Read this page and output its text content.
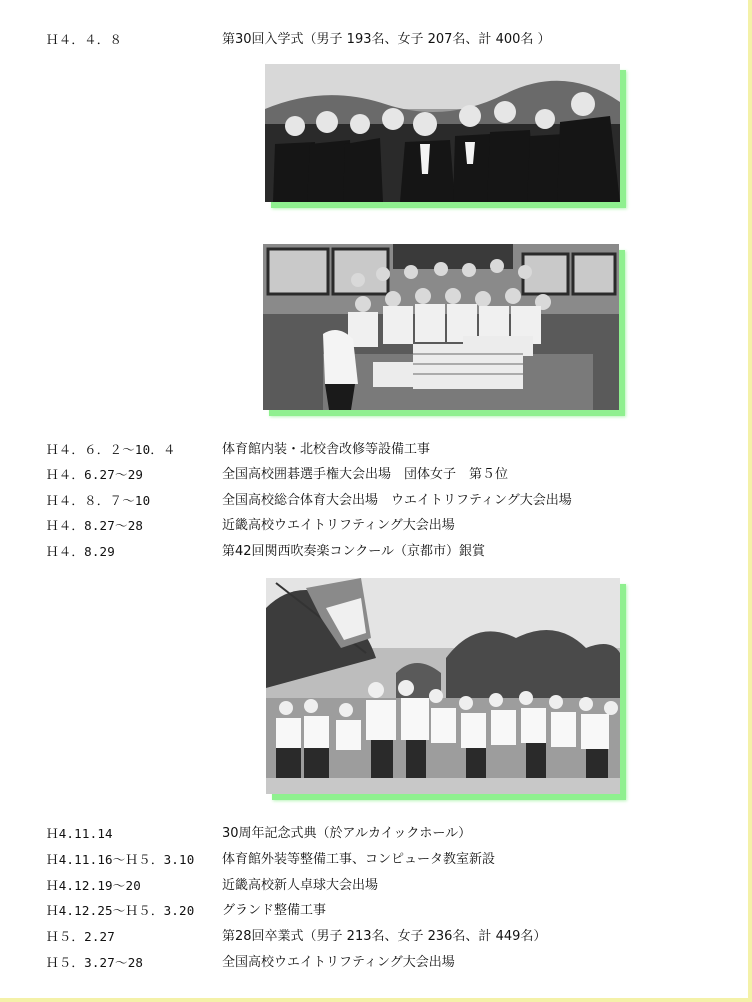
Ｈ４．４．８	第30回入学式（男子 193名、女子 207名、計 400名 ）
Ｈ４．６．２～10．４	体育館内装・北校舎改修等設備工事
Ｈ４．6.27～29	全国高校囲碁選手権大会出場　団体女子　第５位
Ｈ４．８．７～10	全国高校総合体育大会出場　ウエイトリフティング大会出場
Ｈ４．8.27～28	近畿高校ウエイトリフティング大会出場
Ｈ４．8.29	第42回関西吹奏楽コンクール（京都市）銀賞
Ｈ4.11.14	30周年記念式典（於アルカイックホール）
Ｈ4.11.16～Ｈ５．3.10 体育館外装等整備工事、コンピュータ教室新設
Ｈ4.12.19～20	近畿高校新人卓球大会出場
Ｈ4.12.25～Ｈ５．3.20 グランド整備工事
Ｈ５．2.27	第28回卒業式（男子 213名、女子 236名、計 449名）
Ｈ５．3.27～28	全国高校ウエイトリフティング大会出場
